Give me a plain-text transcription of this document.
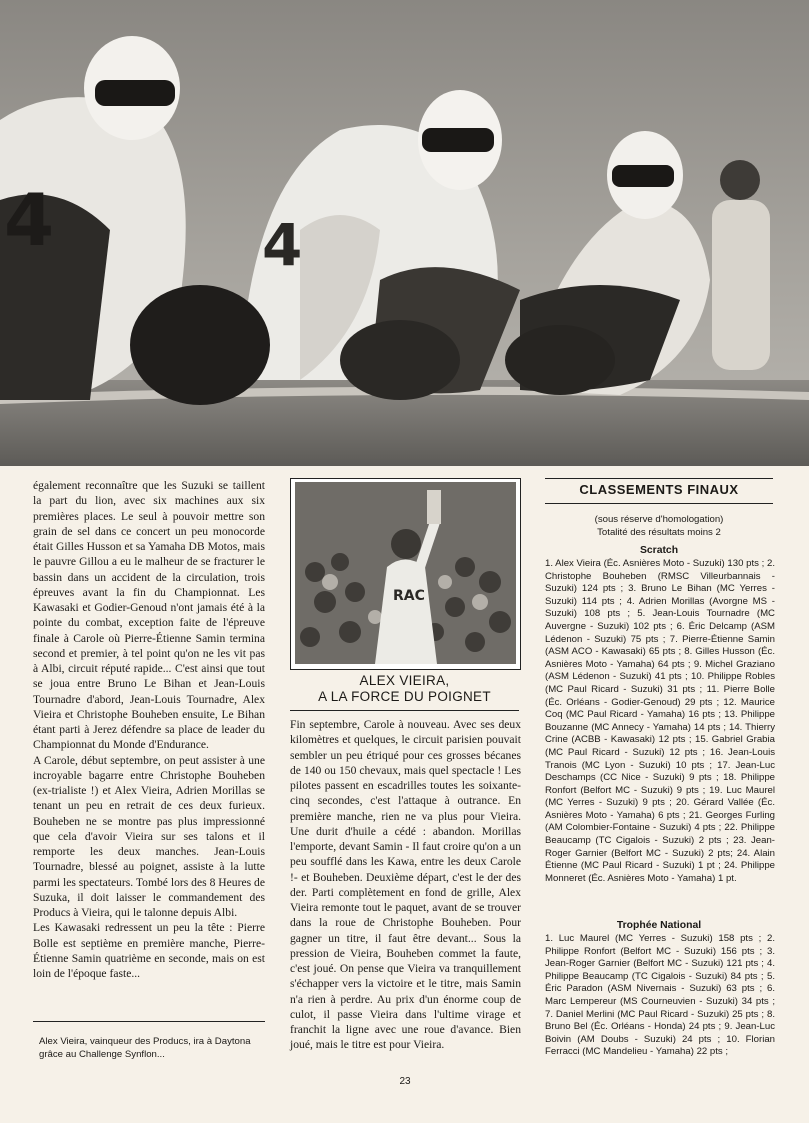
4
4

également reconnaître que les Suzuki se taillent la part du lion, avec six machines aux six premières places. Le seul à pouvoir mettre son grain de sel dans ce concert un peu monocorde était Gilles Husson et sa Yamaha DB Motos, mais le pauvre Gillou a eu le malheur de se fracturer le bassin dans un accident de la circulation, trois épreuves avant la fin du Championnat. Les Kawasaki et Godier-Genoud n'ont jamais été à la pointe du combat, exception faite de l'épreuve finale à Carole où Pierre-Étienne Samin termina second et premier, à tel point qu'on ne les vit pas à Albi, circuit réputé rapide... C'est ainsi que tout se joua entre Bruno Le Bihan et Jean-Louis Tournadre d'abord, Jean-Louis Tournadre, Alex Vieira et Christophe Bouheben ensuite, Le Bihan étant parti à Jerez défendre sa place de leader du Championnat du Monde d'Endurance.

A Carole, début septembre, on peut assister à une incroyable bagarre entre Christophe Bouheben (ex-trialiste !) et Alex Vieira, Adrien Morillas se tenant un peu en retrait de ces deux furieux. Bouheben ne se montre pas plus impressionné que cela d'avoir Vieira sur ses talons et il remporte les deux manches. Jean-Louis Tournadre, blessé au poignet, assiste à la lutte parmi les spectateurs. Tombé lors des 8 Heures de Suzuka, il doit laisser le commandement des Producs à Vieira, qui le talonne depuis Albi.

Les Kawasaki redressent un peu la tête : Pierre Bolle est septième en première manche, Pierre-Étienne Samin quatrième en seconde, mais on est loin de l'époque faste...

Alex Vieira, vainqueur des Producs, ira à Daytona grâce au Challenge Synflon...
RAC
ALEX VIEIRA,
A LA FORCE DU POIGNET

Fin septembre, Carole à nouveau. Avec ses deux kilomètres et quelques, le circuit parisien pouvait sembler un peu étriqué pour ces grosses bécanes de 140 ou 150 chevaux, mais quel spectacle ! Les pilotes passent en escadrilles toutes les soixante-cinq secondes, c'est l'attaque à outrance. En première manche, rien ne va plus pour Vieira. Une durit d'huile a cédé : abandon. Morillas l'emporte, devant Samin - Il faut croire qu'on a un peu soufflé dans les Kawa, entre les deux Carole !- et Bouheben. Deuxième départ, c'est le der des der. Parti complètement en fond de grille, Alex Vieira remonte tout le paquet, avant de se trouver dans la roue de Christophe Bouheben. Pour gagner un titre, il faut être devant... Sous la pression de Vieira, Bouheben commet la faute, c'est joué. On pense que Vieira va tranquillement s'échapper vers la victoire et le titre, mais Samin n'a rien à perdre. Au prix d'un énorme coup de culot, il passe Vieira dans l'ultime virage et franchit la ligne avec une roue d'avance. Bien joué, mais le titre est pour Vieira.

CLASSEMENTS FINAUX
(sous réserve d'homologation)
Totalité des résultats moins 2
Scratch
1. Alex Vieira (Éc. Asnières Moto - Suzuki) 130 pts ; 2. Christophe Bouheben (RMSC Villeurbannais - Suzuki) 124 pts ; 3. Bruno Le Bihan (MC Yerres - Suzuki) 114 pts ; 4. Adrien Morillas (Avorgne MS - Suzuki) 108 pts ; 5. Jean-Louis Tournadre (MC Auvergne - Suzuki) 102 pts ; 6. Éric Delcamp (ASM Lédenon - Suzuki) 75 pts ; 7. Pierre-Étienne Samin (ASM ACO - Kawasaki) 65 pts ; 8. Gilles Husson (Éc. Asnières Moto - Yamaha) 64 pts ; 9. Michel Graziano (ASM Lédenon - Suzuki) 41 pts ; 10. Philippe Robles (MC Paul Ricard - Suzuki) 31 pts ; 11. Pierre Bolle (Éc. Orléans - Godier-Genoud) 29 pts ; 12. Maurice Coq (MC Paul Ricard - Yamaha) 16 pts ; 13. Philippe Bouzanne (MC Annecy - Yamaha) 14 pts ; 14. Thierry Crine (ACBB - Kawasaki) 12 pts ; 15. Gabriel Grabia (MC Paul Ricard - Suzuki) 12 pts ; 16. Jean-Louis Tranois (MC Lyon - Suzuki) 10 pts ; 17. Jean-Luc Deschamps (CC Nice - Suzuki) 9 pts ; 18. Philippe Ronfort (Belfort MC - Suzuki) 9 pts ; 19. Luc Maurel (MC Yerres - Suzuki) 9 pts ; 20. Gérard Vallée (Éc. Asnières Moto - Yamaha) 6 pts ; 21. Georges Furling (AM Colombier-Fontaine - Suzuki) 4 pts ; 22. Philippe Beaucamp (TC Cigalois - Suzuki) 2 pts ; 23. Jean-Roger Garnier (Belfort MC - Suzuki) 2 pts; 24. Alain Étienne (MC Paul Ricard - Suzuki) 1 pt ; 24. Philippe Monneret (Éc. Asnières Moto - Yamaha) 1 pt.
Trophée National
1. Luc Maurel (MC Yerres - Suzuki) 158 pts ; 2. Philippe Ronfort (Belfort MC - Suzuki) 156 pts ; 3. Jean-Roger Garnier (Belfort MC - Suzuki) 121 pts ; 4. Philippe Beaucamp (TC Cigalois - Suzuki) 84 pts ; 5. Éric Paradon (ASM Nivernais - Suzuki) 63 pts ; 6. Marc Lempereur (MS Courneuvien - Suzuki) 34 pts ; 7. Daniel Merlini (MC Paul Ricard - Suzuki) 25 pts ; 8. Bruno Bel (Éc. Orléans - Honda) 24 pts ; 9. Jean-Luc Boivin (AM Doubs - Suzuki) 24 pts ; 10. Florian Ferracci (MC Mandelieu - Yamaha) 22 pts ;
23
